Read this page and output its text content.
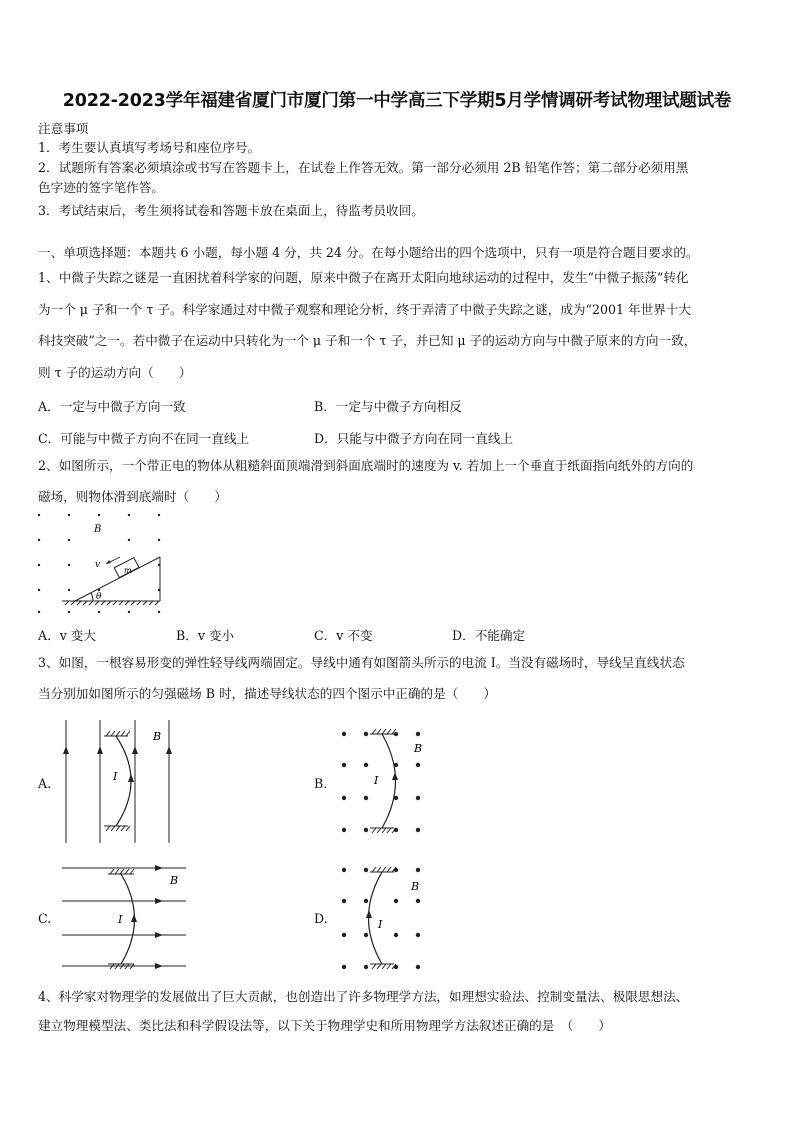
2022-2023学年福建省厦门市厦门第一中学高三下学期5月学情调研考试物理试题试卷
注意事项
1．考生要认真填写考场号和座位序号。
2．试题所有答案必须填涂或书写在答题卡上，在试卷上作答无效。第一部分必须用 2B 铅笔作答；第二部分必须用黑
色字迹的签字笔作答。
3．考试结束后，考生须将试卷和答题卡放在桌面上，待监考员收回。
一、单项选择题：本题共 6 小题，每小题 4 分，共 24 分。在每小题给出的四个选项中，只有一项是符合题目要求的。
1、中微子失踪之谜是一直困扰着科学家的问题，原来中微子在离开太阳向地球运动的过程中，发生“中微子振荡”转化
为一个 μ 子和一个 τ 子。科学家通过对中微子观察和理论分析，终于弄清了中微子失踪之谜，成为“2001 年世界十大
科技突破”之一。若中微子在运动中只转化为一个 μ 子和一个 τ 子，并已知 μ 子的运动方向与中微子原来的方向一致，
则 τ 子的运动方向（　　）
A．一定与中微子方向一致	B．一定与中微子方向相反
C．可能与中微子方向不在同一直线上	D．只能与中微子方向在同一直线上
2、如图所示，一个带正电的物体从粗糙斜面顶端滑到斜面底端时的速度为 v. 若加上一个垂直于纸面指向纸外的方向的
磁场，则物体滑到底端时（　　）
B
m
v
θ
A．v 变大	B．v 变小	C．v 不变	D．不能确定
3、如图，一根容易形变的弹性轻导线两端固定。导线中通有如图箭头所示的电流 I。当没有磁场时，导线呈直线状态
当分别加如图所示的匀强磁场 B 时，描述导线状态的四个图示中正确的是（　　）
A.	I
B
B.	I
B
C.	I
B
D.	I
B
4、科学家对物理学的发展做出了巨大贡献，也创造出了许多物理学方法，如理想实验法、控制变量法、极限思想法、
建立物理模型法、类比法和科学假设法等，以下关于物理学史和所用物理学方法叙述正确的是　（　　）
